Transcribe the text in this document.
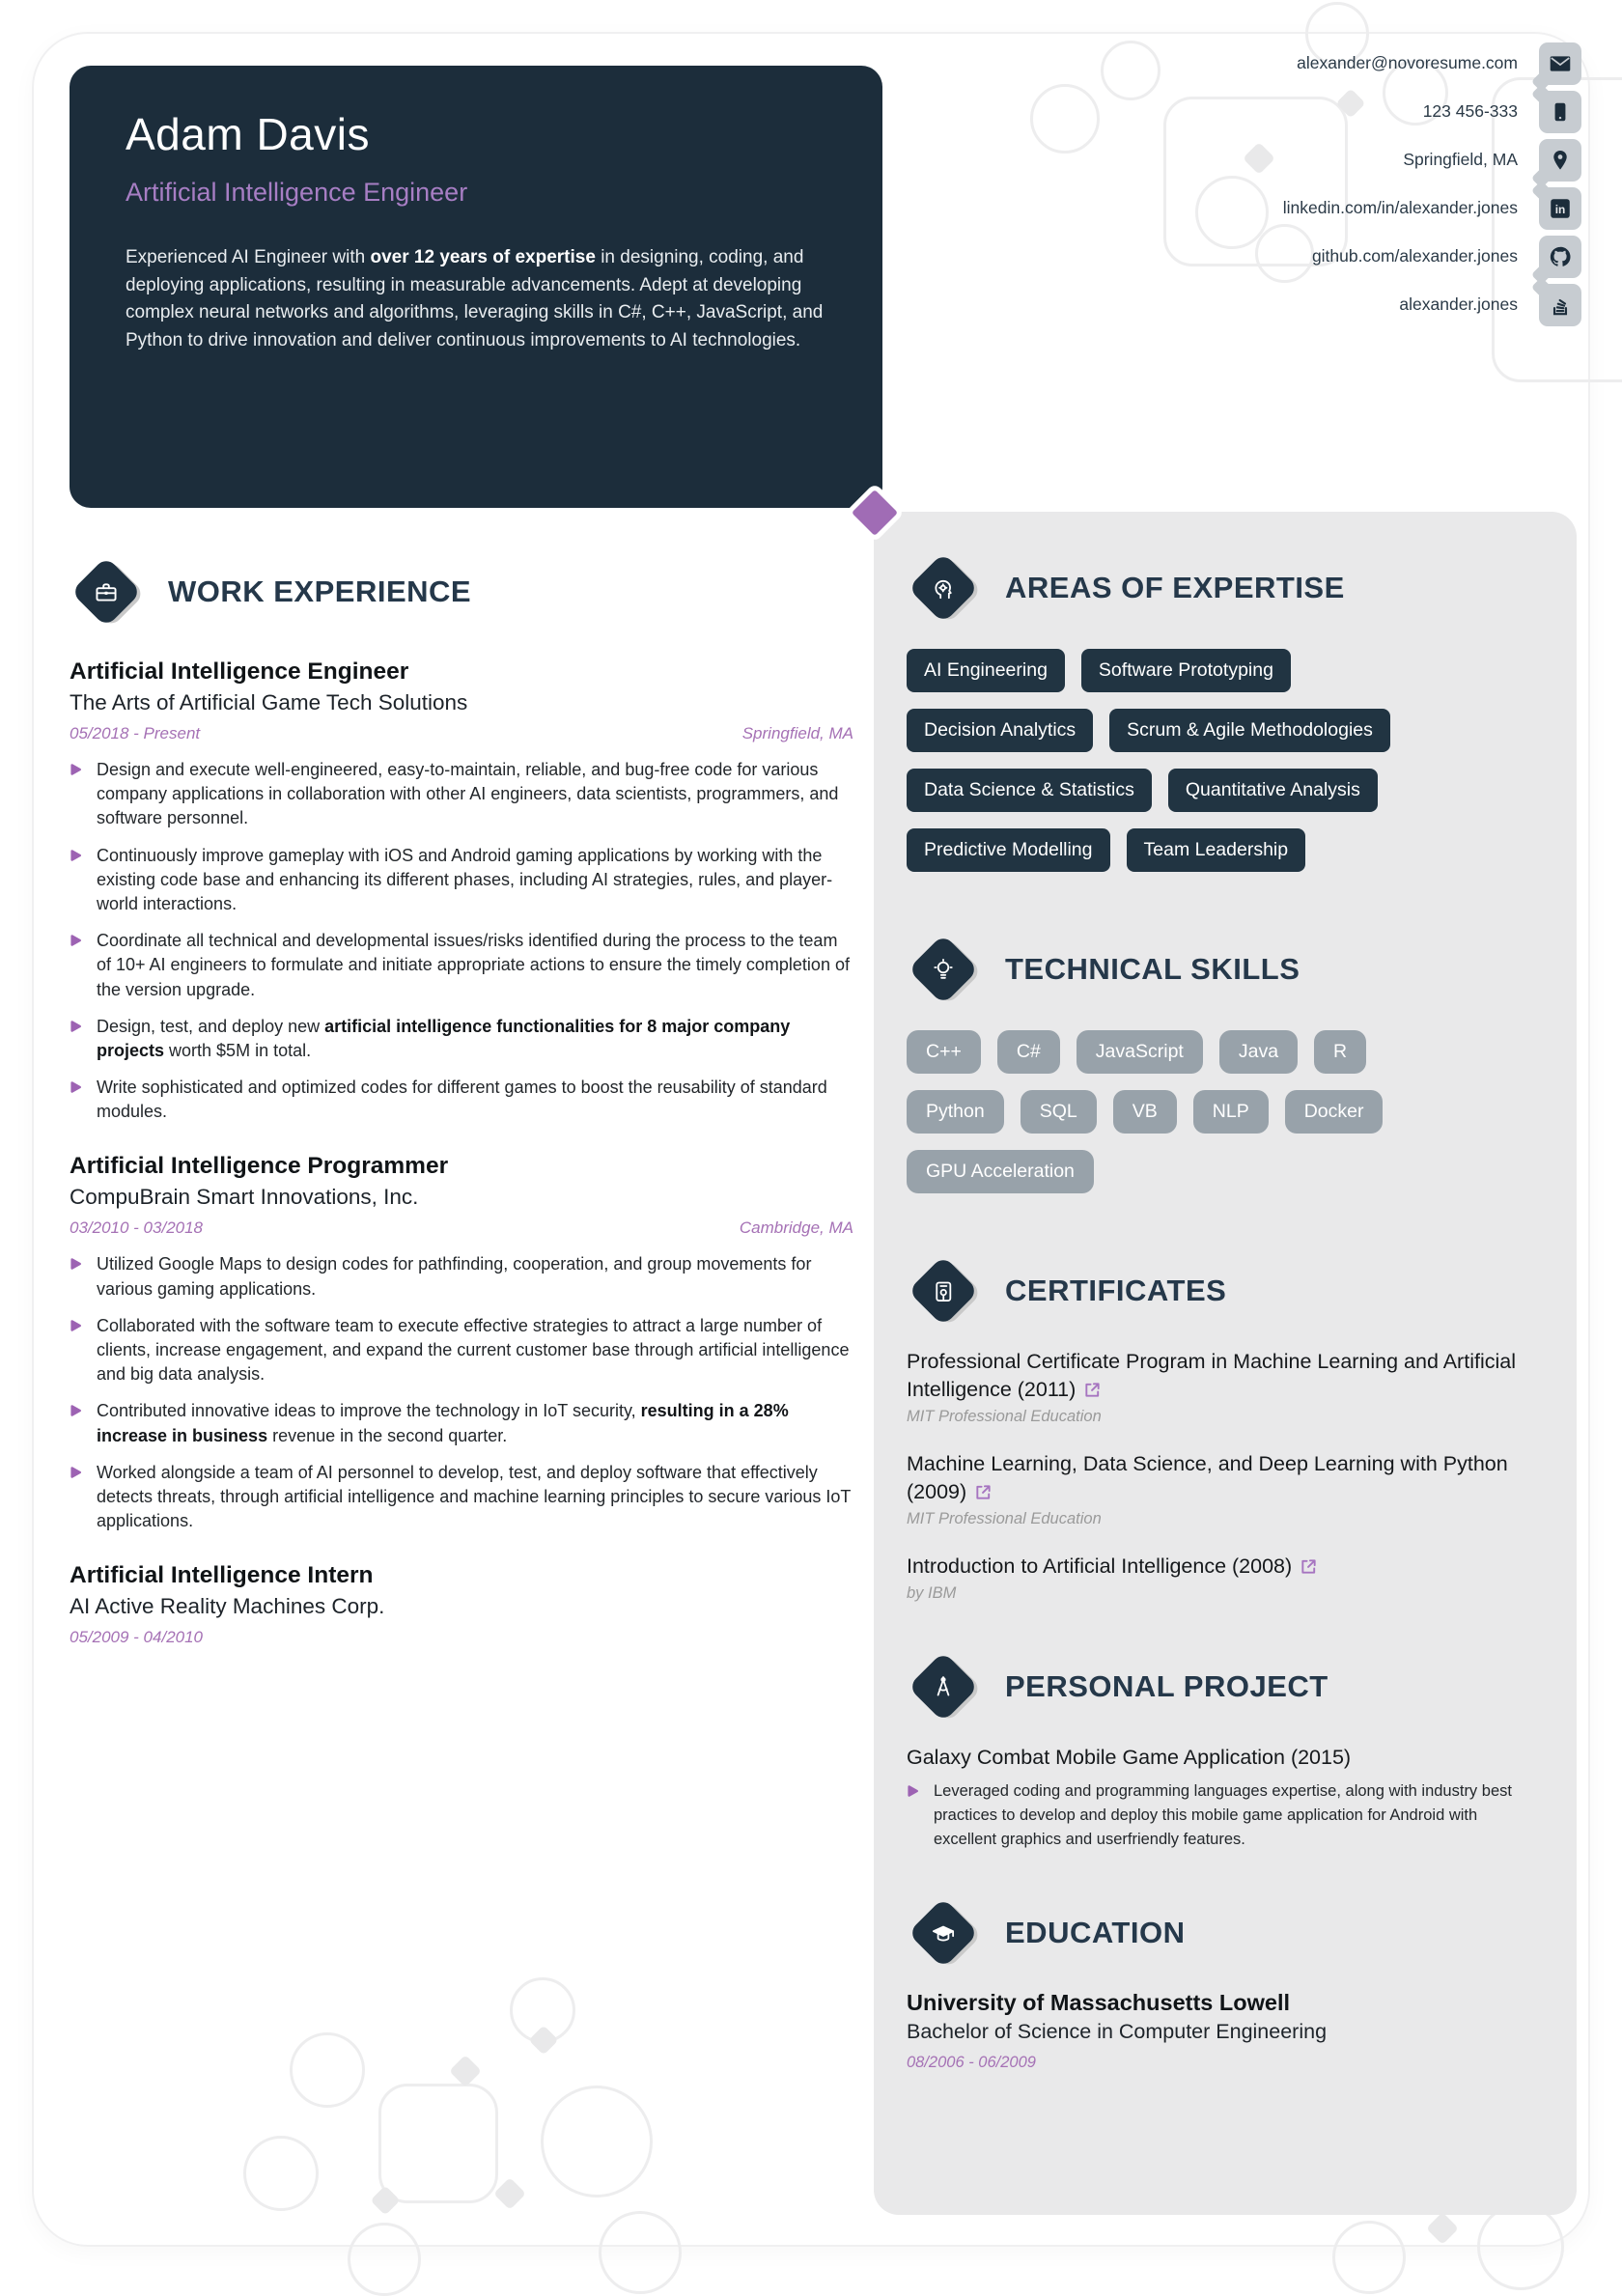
Adam Davis
Artificial Intelligence Engineer
Experienced AI Engineer with over 12 years of expertise in designing, coding, and deploying applications, resulting in measurable advancements. Adept at developing complex neural networks and algorithms, leveraging skills in C#, C++, JavaScript, and Python to drive innovation and deliver continuous improvements to AI technologies.
alexander@novoresume.com
123 456-333
Springfield, MA
linkedin.com/in/alexander.jones	in
github.com/alexander.jones
alexander.jones
WORK EXPERIENCE
Artificial Intelligence Engineer
The Arts of Artificial Game Tech Solutions
05/2018 - Present	Springfield, MA
Design and execute well-engineered, easy-to-maintain, reliable, and bug-free code for various company applications in collaboration with other AI engineers, data scientists, programmers, and software personnel.
Continuously improve gameplay with iOS and Android gaming applications by working with the existing code base and enhancing its different phases, including AI strategies, rules, and player-world interactions.
Coordinate all technical and developmental issues/risks identified during the process to the team of 10+ AI engineers to formulate and initiate appropriate actions to ensure the timely completion of the version upgrade.
Design, test, and deploy new artificial intelligence functionalities for 8 major company projects worth $5M in total.
Write sophisticated and optimized codes for different games to boost the reusability of standard modules.
Artificial Intelligence Programmer
CompuBrain Smart Innovations, Inc.
03/2010 - 03/2018	Cambridge, MA
Utilized Google Maps to design codes for pathfinding, cooperation, and group movements for various gaming applications.
Collaborated with the software team to execute effective strategies to attract a large number of clients, increase engagement, and expand the current customer base through artificial intelligence and big data analysis.
Contributed innovative ideas to improve the technology in IoT security, resulting in a 28% increase in business revenue in the second quarter.
Worked alongside a team of AI personnel to develop, test, and deploy software that effectively detects threats, through artificial intelligence and machine learning principles to secure various IoT applications.
Artificial Intelligence Intern
AI Active Reality Machines Corp.
05/2009 - 04/2010
AREAS OF EXPERTISE
AI Engineering	Software Prototyping
Decision Analytics	Scrum & Agile Methodologies
Data Science & Statistics	Quantitative Analysis
Predictive Modelling	Team Leadership
TECHNICAL SKILLS
C++	C#	JavaScript	Java	R
Python	SQL	VB	NLP	Docker
GPU Acceleration
CERTIFICATES
Professional Certificate Program in Machine Learning and Artificial Intelligence (2011)
MIT Professional Education
Machine Learning, Data Science, and Deep Learning with Python (2009)
MIT Professional Education
Introduction to Artificial Intelligence (2008)
by IBM
PERSONAL PROJECT
Galaxy Combat Mobile Game Application (2015)
Leveraged coding and programming languages expertise, along with industry best practices to develop and deploy this mobile game application for Android with excellent graphics and userfriendly features.
EDUCATION
University of Massachusetts Lowell
Bachelor of Science in Computer Engineering
08/2006 - 06/2009
